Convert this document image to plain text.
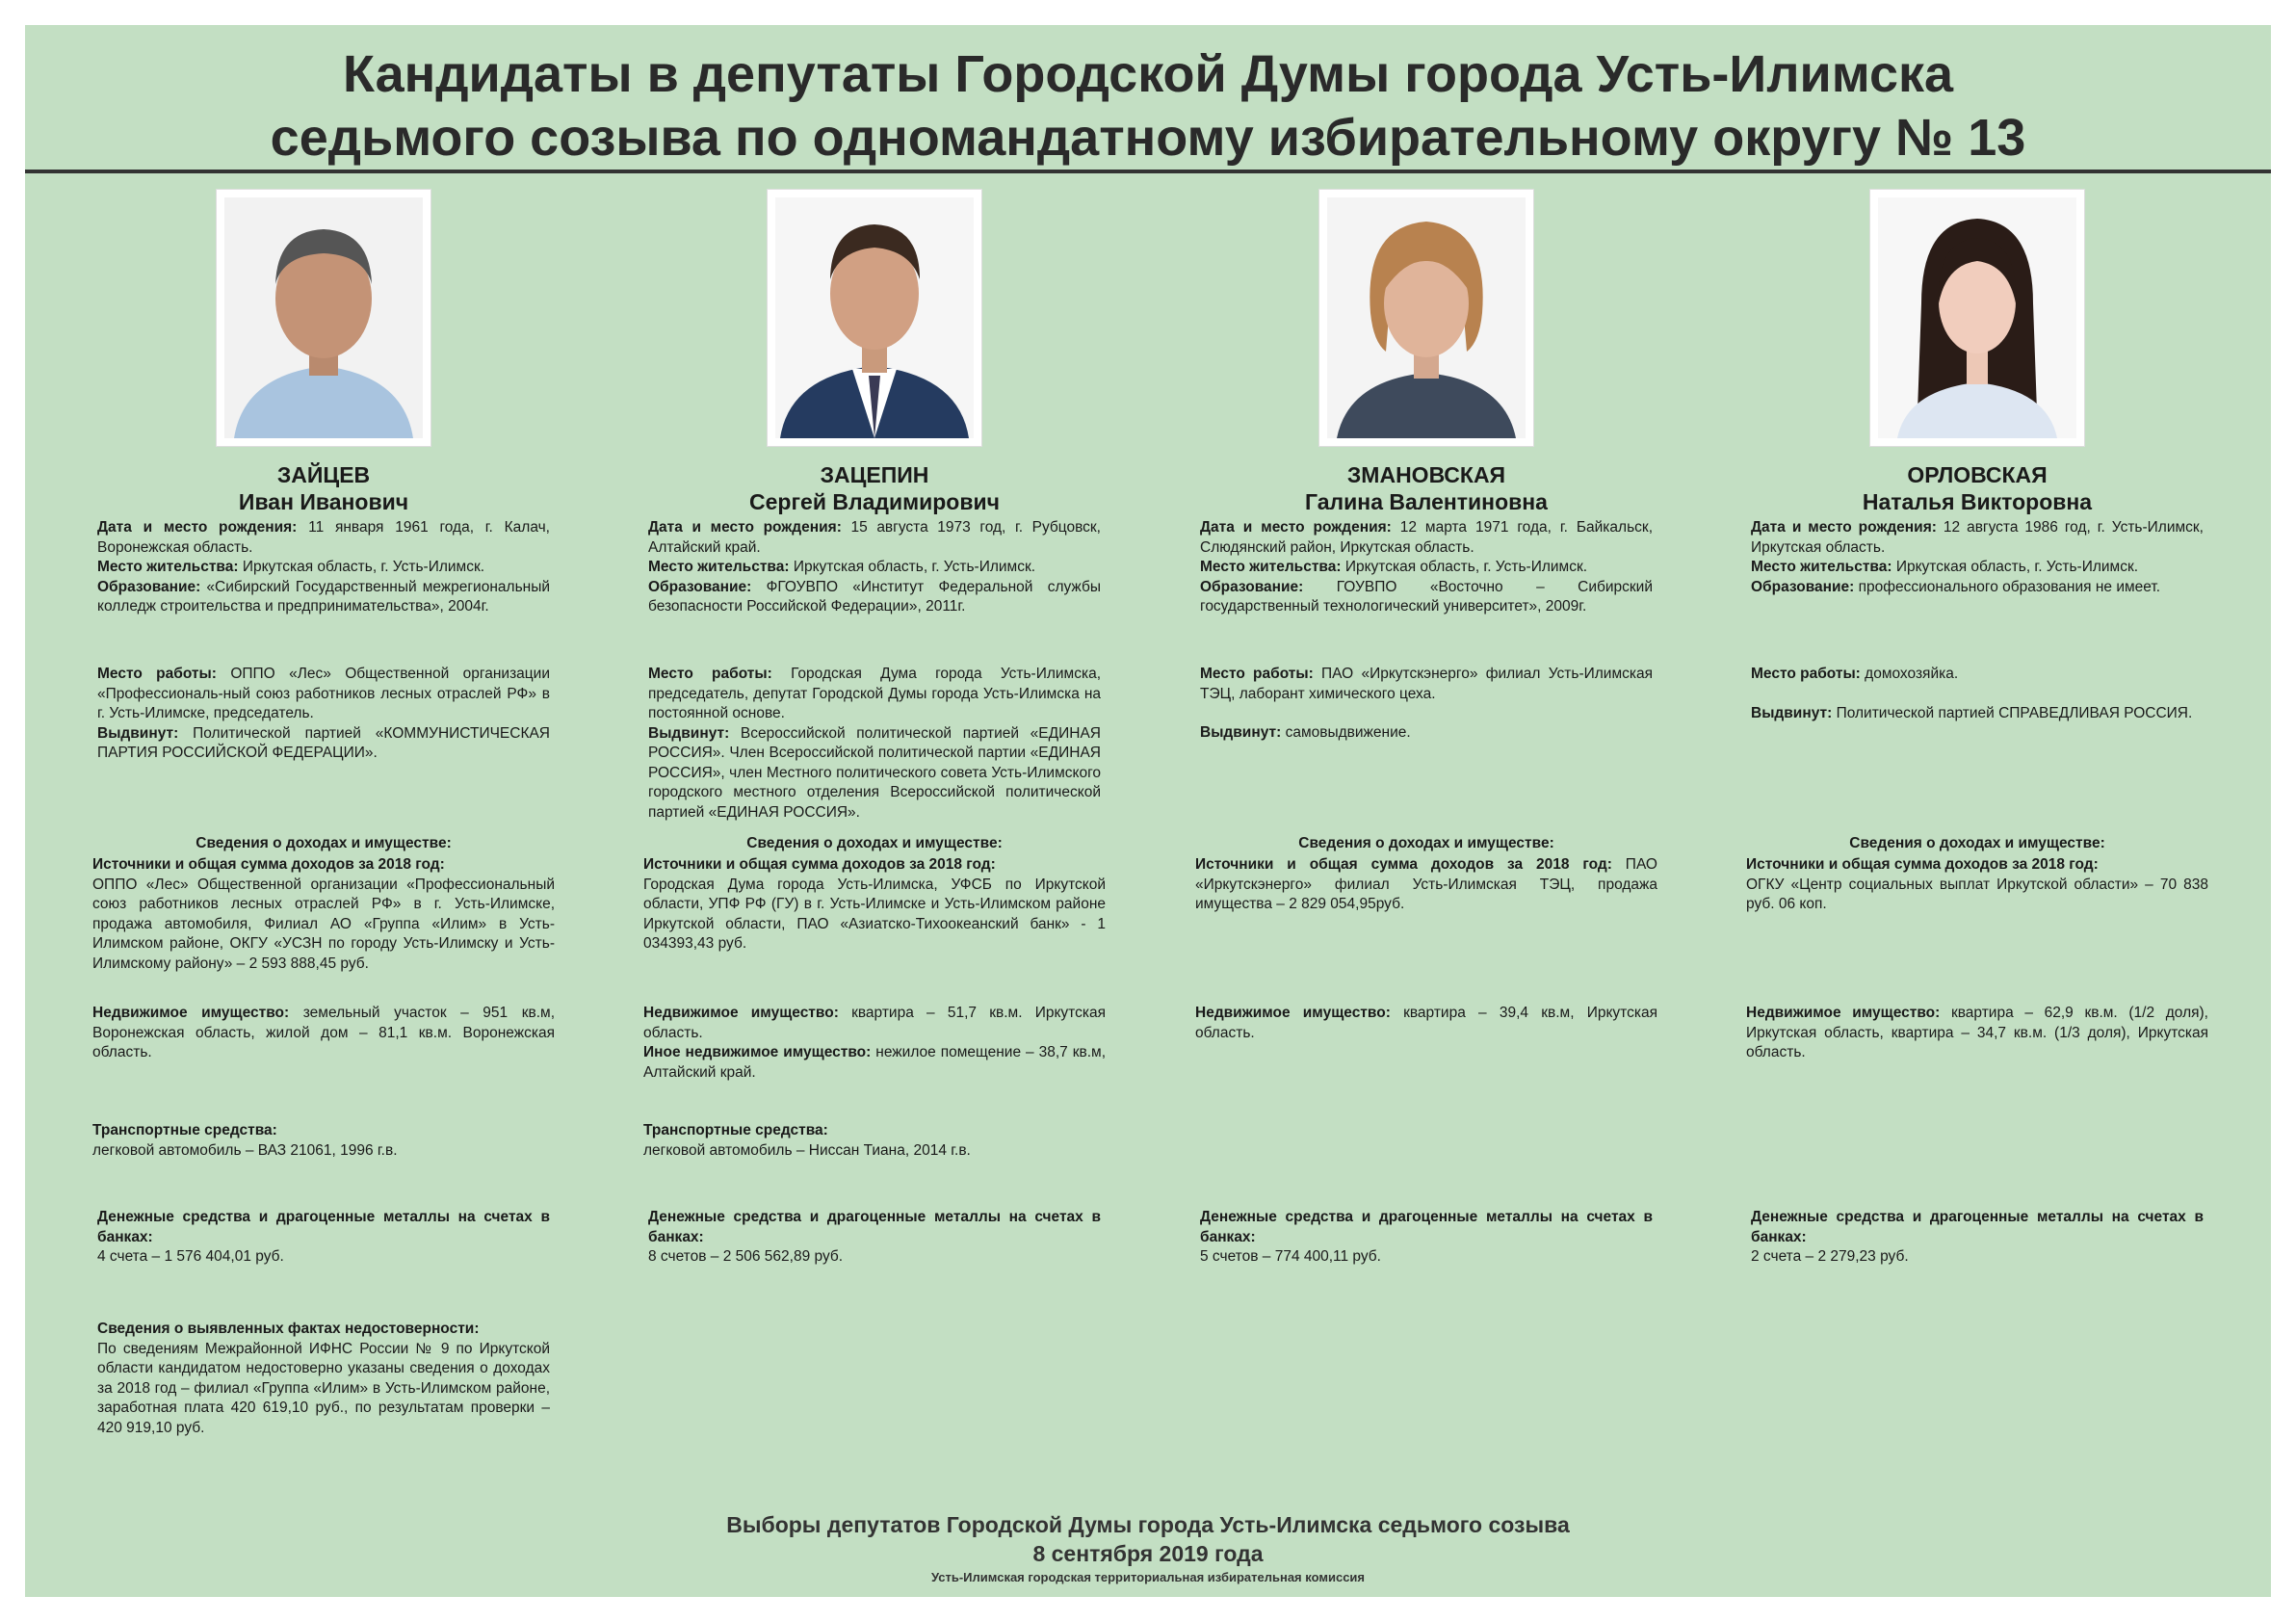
Кандидаты в депутаты Городской Думы города Усть-Илимска
седьмого созыва по одномандатному избирательному округу № 13
ЗАЙЦЕВ
Иван Иванович
Дата и место рождения: 11 января 1961 года, г. Калач, Воронежская область.
Место жительства: Иркутская область, г. Усть-Илимск.
Образование: «Сибирский Государственный межрегиональный колледж строительства и предпринимательства», 2004г.
Место работы: ОППО «Лес» Общественной организации «Профессиональ-ный союз работников лесных отраслей РФ» в г. Усть-Илимске, председатель.
Выдвинут: Политической партией «КОММУНИСТИЧЕСКАЯ ПАРТИЯ РОССИЙСКОЙ ФЕДЕРАЦИИ».
Сведения о доходах и имуществе:
Источники и общая сумма доходов за 2018 год:
ОППО «Лес» Общественной организации «Профессиональный союз работников лесных отраслей РФ» в г. Усть-Илимске, продажа автомобиля, Филиал АО «Группа «Илим» в Усть-Илимском районе, ОКГУ «УСЗН по городу Усть-Илимску и Усть-Илимскому району» – 2 593 888,45 руб.
Недвижимое имущество: земельный участок – 951 кв.м, Воронежская область, жилой дом – 81,1 кв.м. Воронежская область.
Транспортные средства:
легковой автомобиль – ВАЗ 21061, 1996 г.в.
Денежные средства и драгоценные металлы на счетах в банках:
4 счета – 1 576 404,01 руб.
Сведения о выявленных фактах недостоверности:
По сведениям Межрайонной ИФНС России № 9 по Иркутской области кандидатом недостоверно указаны сведения о доходах за 2018 год – филиал «Группа «Илим» в Усть-Илимском районе, заработная плата 420 619,10 руб., по результатам проверки – 420 919,10 руб.
ЗАЦЕПИН
Сергей Владимирович
Дата и место рождения: 15 августа 1973 год, г. Рубцовск, Алтайский край.
Место жительства: Иркутская область, г. Усть-Илимск.
Образование: ФГОУВПО «Институт Федеральной службы безопасности Российской Федерации», 2011г.
Место работы: Городская Дума города Усть-Илимска, председатель, депутат Городской Думы города Усть-Илимска на постоянной основе.
Выдвинут: Всероссийской политической партией «ЕДИНАЯ РОССИЯ». Член Всероссийской политической партии «ЕДИНАЯ РОССИЯ», член Местного политического совета Усть-Илимского городского местного отделения Всероссийской политической партией «ЕДИНАЯ РОССИЯ».
Сведения о доходах и имуществе:
Источники и общая сумма доходов за 2018 год:
Городская Дума города Усть-Илимска, УФСБ по Иркутской области, УПФ РФ (ГУ) в г. Усть-Илимске и Усть-Илимском районе Иркутской области, ПАО «Азиатско-Тихоокеанский банк» - 1 034393,43 руб.
Недвижимое имущество: квартира – 51,7 кв.м. Иркутская область.
Иное недвижимое имущество: нежилое помещение – 38,7 кв.м, Алтайский край.
Транспортные средства:
легковой автомобиль – Ниссан Тиана, 2014 г.в.
Денежные средства и драгоценные металлы на счетах в банках:
8 счетов – 2 506 562,89 руб.
ЗМАНОВСКАЯ
Галина Валентиновна
Дата и место рождения: 12 марта 1971 года, г. Байкальск, Слюдянский район, Иркутская область.
Место жительства: Иркутская область, г. Усть-Илимск.
Образование: ГОУВПО «Восточно – Сибирский государственный технологический университет», 2009г.
Место работы: ПАО «Иркутскэнерго» филиал Усть-Илимская ТЭЦ, лаборант химического цеха.
Выдвинут: самовыдвижение.
Сведения о доходах и имуществе:
Источники и общая сумма доходов за 2018 год: ПАО «Иркутскэнерго» филиал Усть-Илимская ТЭЦ, продажа имущества – 2 829 054,95руб.
Недвижимое имущество: квартира – 39,4 кв.м, Иркутская область.
Денежные средства и драгоценные металлы на счетах в банках:
5 счетов – 774 400,11 руб.
ОРЛОВСКАЯ
Наталья Викторовна
Дата и место рождения: 12 августа 1986 год, г. Усть-Илимск, Иркутская область.
Место жительства: Иркутская область, г. Усть-Илимск.
Образование: профессионального образования не имеет.
Место работы: домохозяйка.
Выдвинут: Политической партией СПРАВЕДЛИВАЯ РОССИЯ.
Сведения о доходах и имуществе:
Источники и общая сумма доходов за 2018 год:
ОГКУ «Центр социальных выплат Иркутской области» – 70 838 руб. 06 коп.
Недвижимое имущество: квартира – 62,9 кв.м. (1/2 доля), Иркутская область, квартира – 34,7 кв.м. (1/3 доля), Иркутская область.
Денежные средства и драгоценные металлы на счетах в банках:
2 счета – 2 279,23 руб.
Выборы депутатов Городской Думы города Усть-Илимска седьмого созыва
8 сентября 2019 года
Усть-Илимская городская территориальная избирательная комиссия
